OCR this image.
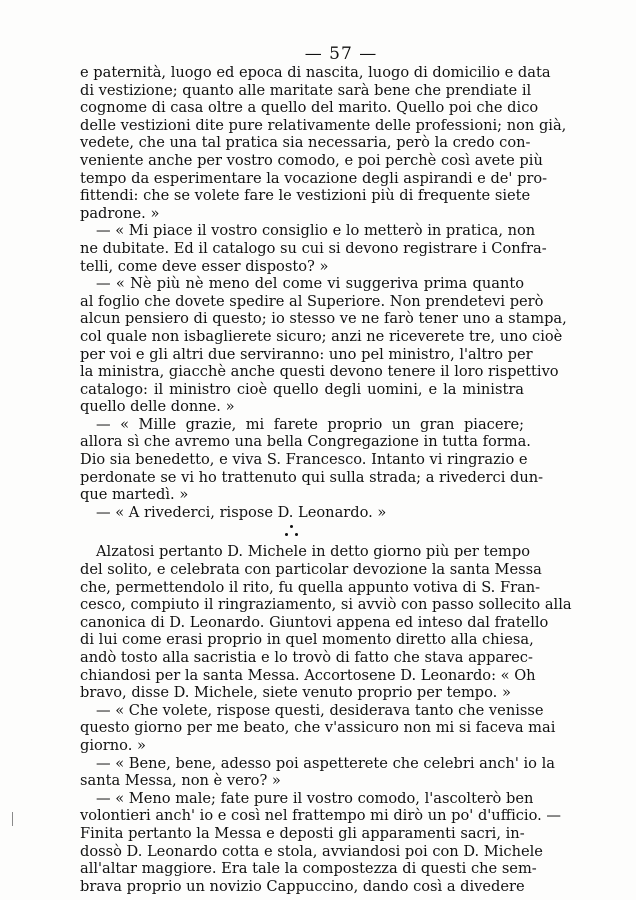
— 57 —
e paternità, luogo ed epoca di nascita, luogo di domicilio e data
di vestizione; quanto alle maritate sarà bene che prendiate il
cognome di casa oltre a quello del marito. Quello poi che dico
delle vestizioni dite pure relativamente delle professioni; non già,
vedete, che una tal pratica sia necessaria, però la credo con-
veniente anche per vostro comodo, e poi perchè così avete più
tempo da esperimentare la vocazione degli aspirandi e de' pro-
fittendi: che se volete fare le vestizioni più di frequente siete
padrone. »
— « Mi piace il vostro consiglio e lo metterò in pratica, non
ne dubitate. Ed il catalogo su cui si devono registrare i Confra-
telli, come deve esser disposto? »
— « Nè più nè meno del come vi suggeriva prima quanto
al foglio che dovete spedire al Superiore. Non prendetevi però
alcun pensiero di questo; io stesso ve ne farò tener uno a stampa,
col quale non isbaglierete sicuro; anzi ne riceverete tre, uno cioè
per voi e gli altri due serviranno: uno pel ministro, l'altro per
la ministra, giacchè anche questi devono tenere il loro rispettivo
catalogo: il ministro cioè quello degli uomini, e la ministra
quello delle donne. »
— « Mille grazie, mi farete proprio un gran piacere;
allora sì che avremo una bella Congregazione in tutta forma.
Dio sia benedetto, e viva S. Francesco. Intanto vi ringrazio e
perdonate se vi ho trattenuto qui sulla strada; a rivederci dun-
que martedì. »
— « A rivederci, rispose D. Leonardo. »
Alzatosi pertanto D. Michele in detto giorno più per tempo
del solito, e celebrata con particolar devozione la santa Messa
che, permettendolo il rito, fu quella appunto votiva di S. Fran-
cesco, compiuto il ringraziamento, si avviò con passo sollecito alla
canonica di D. Leonardo. Giuntovi appena ed inteso dal fratello
di lui come erasi proprio in quel momento diretto alla chiesa,
andò tosto alla sacristia e lo trovò di fatto che stava apparec-
chiandosi per la santa Messa. Accortosene D. Leonardo: « Oh
bravo, disse D. Michele, siete venuto proprio per tempo. »
— « Che volete, rispose questi, desiderava tanto che venisse
questo giorno per me beato, che v'assicuro non mi si faceva mai
giorno. »
— « Bene, bene, adesso poi aspetterete che celebri anch' io la
santa Messa, non è vero? »
— « Meno male; fate pure il vostro comodo, l'ascolterò ben
volontieri anch' io e così nel frattempo mi dirò un po' d'ufficio. —
Finita pertanto la Messa e deposti gli apparamenti sacri, in-
dossò D. Leonardo cotta e stola, avviandosi poi con D. Michele
all'altar maggiore. Era tale la compostezza di questi che sem-
brava proprio un novizio Cappuccino, dando così a divedere
